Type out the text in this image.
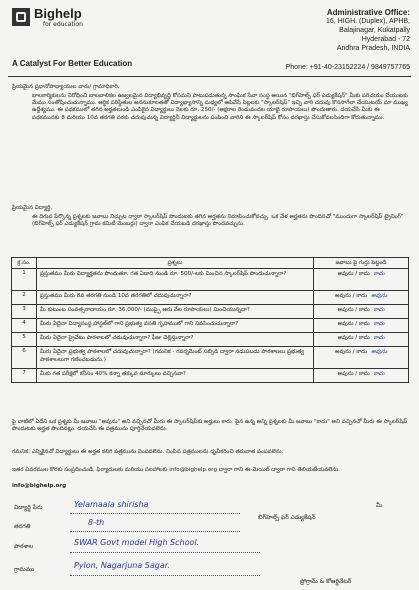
Bighelp
for education
A Catalyst For Better Education
Administrative Office:
16, HIGH. (Duplex), APHB,
Balajinagar, Kukatpally
Hyderabad - 72
Andhra Pradesh, INDIA
Phone: +91-40-23152224 / 9849757765
ప్రియమైన ప్రధానోపాధ్యాయుల వారు/ గ్రామాధికారి,
బాలకార్మికులను నిరోధించి బాలబాలికల ఉజ్వలమైన విద్యాభివృద్ధి కోసమని పాటుపడుతున్న సాంఘిక సేవా సంస్థ అయిన "బిగ్‌హెల్ప్ ఫర్ ఎడ్యుకేషన్" మీకు పరిచయం చేయుటకు మేము సంతోషించుచున్నాము. ఆర్థిక పరిస్థితుల అననుకూలతతో విద్యాభ్యాసాన్ని మధ్యలో ఆపివేసే పిల్లలకు "స్కాలర్‌షిప్" ఇచ్చి వారి చదువు కొనసాగేలా చేయుటయే మా ముఖ్య ఉద్దేశ్యము. ఈ పథకములో తగిన అర్హతలుండి ఎంపికైన విద్యార్థులు నెలకు రూ. 250/- (అక్షరాల రెండువందల యాభై రూపాయలు) పొందుతారు. దయచేసి మీకు ఈ పథకమునకు 8 మరియు 10వ తరగతి వరకు చదువుచున్న విద్యార్థినీ విద్యార్థులను పంపించి వారిని ఈ స్కాలర్‌షిప్ కోసం దరఖాస్తు చేసుకోవలసిందిగా కోరుతున్నాము.
ప్రియమైన విద్యార్థి,
ఈ దిగువ పేర్కొన్న ప్రశ్నలకు జవాబు నిచ్చుట ద్వారా స్కాలర్‌షిప్ పొందుటకు తగిన అర్హతను నిరూపించుకోవచ్చు. ఒక వేళ అర్హతను పొందినచో "ముందుగా స్కాలర్‌షిప్ ట్రైనింగ్" (బిగ్‌హెల్ప్ ఫర్ ఎడ్యుకేషన్ గ్రామ కమిటీ మెంబర్లు) ద్వారా ఎంపిక చేయబడి దరఖాస్తు పొందవచ్చును.
క్ర.సం.	ప్రశ్నలు	జవాబు పై గుర్తు పెట్టండి
1	ప్రస్తుతము మీరు విద్యార్హతను పొందుతూ, గత ఏడాది నుండి రూ. 500/-లకు మించిన స్కాలర్‌షిప్ పొందుచున్నారా?	అవును / కాదు కాదు
2	ప్రస్తుతము మీరు 8వ తరగతి నుండి 10వ తరగతిలో చదువుచున్నారా?	అవును / కాదు అవును
3	మీ కుటుంబ సంవత్సరాదాయం రూ. 36,000/- (ముప్పై ఆరు వేల రూపాయలు) మించియున్నదా?	అవును / కాదు కాదు
4	మీరు ఏదైనా విద్యాసంస్థ హాస్టల్‌లో గాని ప్రభుత్వ వసతి గృహములో గాని నివసించుచున్నారా?	అవును / కాదు కాదు
5	మీరు ఏదైనా ప్రైవేటు పాఠశాలలో చదువుచున్నారా? ఫీజు చెల్లిస్తున్నారా?	అవును / కాదు కాదు
6	మీరు ఏదైనా ప్రభుత్వ పాఠశాలలో చదువుచున్నారా? (గమనిక - గవర్నమెంట్ సబ్సిడి ద్వారా నడుపబడు పాఠశాలలు ప్రభుత్వ పాఠశాలలుగా గణించబడును.)	అవును / కాదు అవును
7	మీకు గత పరీక్షలో కనీసం 40% కన్నా తక్కువ మార్కులు వచ్చినవా?	అవును / కాదు కాదు
పై వాటిలో ఏదేని ఒక ప్రశ్నకు మీ జవాబు "అవును" అని వచ్చినచో మీరు ఈ స్కాలర్‌షిప్‌కు అర్హులు కారు. పైన ఉన్న అన్ని ప్రశ్నలకు మీ జవాబు "కాదు" అని వచ్చినచో మీరు ఈ స్కాలర్‌షిప్ పొందుటకు అర్హత పొందినట్లు. దయచేసి ఈ పత్రమును పూర్తిచేయవలెను.
గమనిక: ఎన్నికైనచో విద్యార్థులు ఈ అర్హత కలిగి పత్రమును నింపవలెను. నింపిన పత్రములను ధృవీకరించి తరువాత పంపవలెను.
ఇతర వివరముల కొరకు సంప్రదించండి, ఫిర్యాదులకు మరియు సలహాలకు info@bighelp.org ద్వారా గాని ఈ-మెయిల్ ద్వారా గాని తెలియజేయవలెను.
info@bighelp.org
విద్యార్థి పేరు	Yelamaala shirisha	మీ
బిగ్‌హెల్ప్ ఫర్ ఎడ్యుకేషన్
తరగతి	8-th
పాఠశాల	SWAR Govt model High School.
గ్రామము	Pylon, Nagarjuna Sagar.
ప్రోగ్రామ్ & కోఆర్డినేటర్
